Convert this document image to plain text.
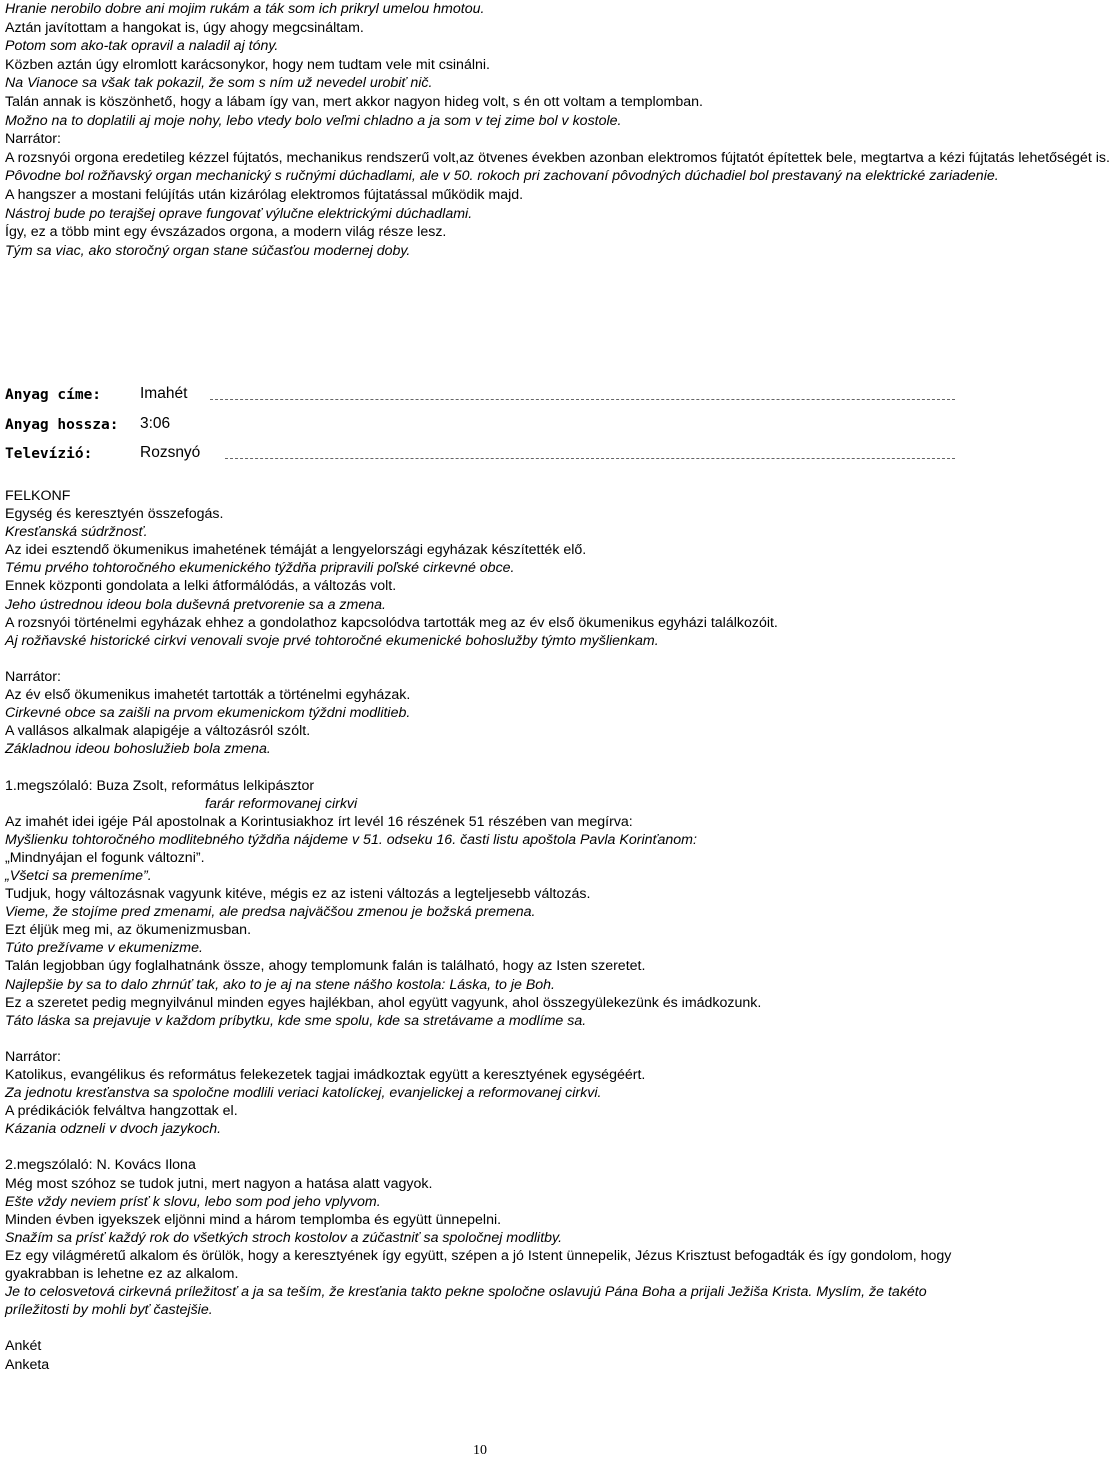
Hranie nerobilo dobre ani mojim rukám a ták som ich prikryl umelou hmotou.
Aztán javítottam a hangokat is, úgy ahogy megcsináltam.
Potom som ako-tak opravil a naladil aj tóny.
Közben aztán úgy elromlott karácsonykor, hogy nem tudtam vele mit csinálni.
Na Vianoce sa však tak pokazil, že som s ním už nevedel urobiť nič.
Talán annak is köszönhető, hogy a lábam így van, mert akkor nagyon hideg volt, s én ott voltam a templomban.
Možno na to doplatili aj moje nohy, lebo vtedy bolo veľmi chladno a ja som v tej zime bol v kostole.
Narrátor:
A rozsnyói orgona eredetileg kézzel fújtatós, mechanikus rendszerű volt,az ötvenes években azonban elektromos fújtatót építettek bele, megtartva a kézi fújtatás lehetőségét is.
Pôvodne bol rožňavský organ mechanický s ručnými dúchadlami, ale v 50. rokoch pri zachovaní pôvodných dúchadiel bol prestavaný na elektrické zariadenie.
A hangszer a mostani felújítás után kizárólag elektromos fújtatással működik majd.
Nástroj bude po terajšej oprave fungovať výlučne elektrickými dúchadlami.
Így, ez a több mint egy évszázados orgona, a modern világ része lesz.
Tým sa viac, ako storočný organ stane súčasťou modernej doby.
Anyag címe:	Imahét
Anyag hossza: 3:06
Televízió:	Rozsnyó
FELKONF
Egység és keresztyén összefogás.
Kresťanská súdržnosť.
Az idei esztendő ökumenikus imahetének témáját a lengyelországi egyházak készítették elő.
Tému prvého tohtoročného ekumenického týždňa pripravili poľské cirkevné obce.
Ennek központi gondolata a lelki átformálódás, a változás volt.
Jeho ústrednou ideou bola duševná pretvorenie sa a zmena.
A rozsnyói történelmi egyházak ehhez a gondolathoz kapcsolódva tartották meg az év első ökumenikus egyházi találkozóit.
Aj rožňavské historické cirkvi venovali svoje prvé tohtoročné ekumenické bohoslužby týmto myšlienkam.
Narrátor:
Az év első ökumenikus imahetét tartották a történelmi egyházak.
Cirkevné obce sa zaišli na prvom ekumenickom týždni modlitieb.
A vallásos alkalmak alapigéje a változásról szólt.
Základnou ideou bohoslužieb bola zmena.
1.megszólaló: Buza Zsolt, református lelkipásztor
farár reformovanej cirkvi
Az imahét idei igéje Pál apostolnak a Korintusiakhoz írt levél 16 részének 51 részében van megírva:
Myšlienku tohtoročného modlitebného týždňa nájdeme v 51. odseku 16. časti listu apoštola Pavla Korinťanom:
„Mindnyájan el fogunk változni”.
„Všetci sa premeníme”.
Tudjuk, hogy változásnak vagyunk kitéve, mégis ez az isteni változás a legteljesebb változás.
Vieme, že stojíme pred zmenami, ale predsa najväčšou zmenou je božská premena.
Ezt éljük meg mi, az ökumenizmusban.
Túto prežívame v ekumenizme.
Talán legjobban úgy foglalhatnánk össze, ahogy templomunk falán is található, hogy az Isten szeretet.
Najlepšie by sa to dalo zhrnúť tak, ako to je aj na stene nášho kostola: Láska, to je Boh.
Ez a szeretet pedig megnyilvánul minden egyes hajlékban, ahol együtt vagyunk, ahol összegyülekezünk és imádkozunk.
Táto láska sa prejavuje v každom príbytku, kde sme spolu, kde sa stretávame a modlíme sa.
Narrátor:
Katolikus, evangélikus és református felekezetek tagjai imádkoztak együtt a keresztyének egységéért.
Za jednotu kresťanstva sa spoločne modlili veriaci katolíckej, evanjelickej a reformovanej cirkvi.
A prédikációk felváltva hangzottak el.
Kázania odzneli v dvoch jazykoch.
2.megszólaló: N. Kovács Ilona
Még most szóhoz se tudok jutni, mert nagyon a hatása alatt vagyok.
Ešte vždy neviem prísť k slovu, lebo som pod jeho vplyvom.
Minden évben igyekszek eljönni mind a három templomba és együtt ünnepelni.
Snažím sa prísť každý rok do všetkých stroch kostolov a zúčastniť sa spoločnej modlitby.
Ez egy világméretű alkalom és örülök, hogy a keresztyének így együtt, szépen a jó Istent ünnepelik, Jézus Krisztust befogadták és így gondolom, hogy gyakrabban is lehetne ez az alkalom.
Je to celosvetová cirkevná príležitosť a ja sa teším, že kresťania takto pekne spoločne oslavujú Pána Boha a prijali Ježiša Krista. Myslím, že takéto príležitosti by mohli byť častejšie.
Ankét
Anketa
10
